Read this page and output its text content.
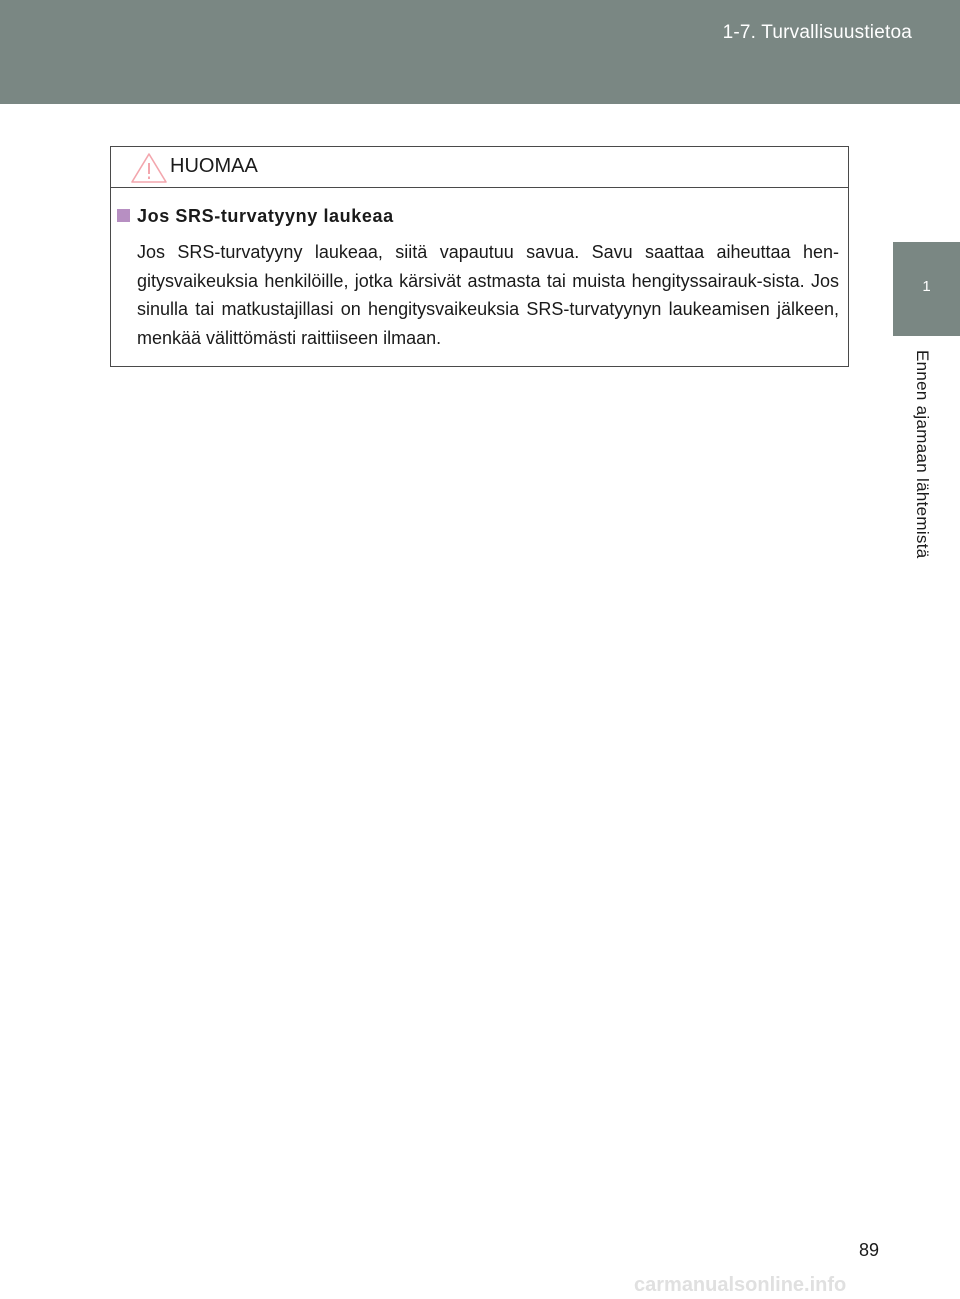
1-7. Turvallisuustietoa
1
Ennen ajamaan lähtemistä
HUOMAA
Jos SRS-turvatyyny laukeaa
Jos SRS-turvatyyny laukeaa, siitä vapautuu savua. Savu saattaa aiheuttaa hen-gitysvaikeuksia henkilöille, jotka kärsivät astmasta tai muista hengityssairauk-sista. Jos sinulla tai matkustajillasi on hengitysvaikeuksia SRS-turvatyynyn laukeamisen jälkeen, menkää välittömästi raittiiseen ilmaan.
89
carmanualsonline.info
